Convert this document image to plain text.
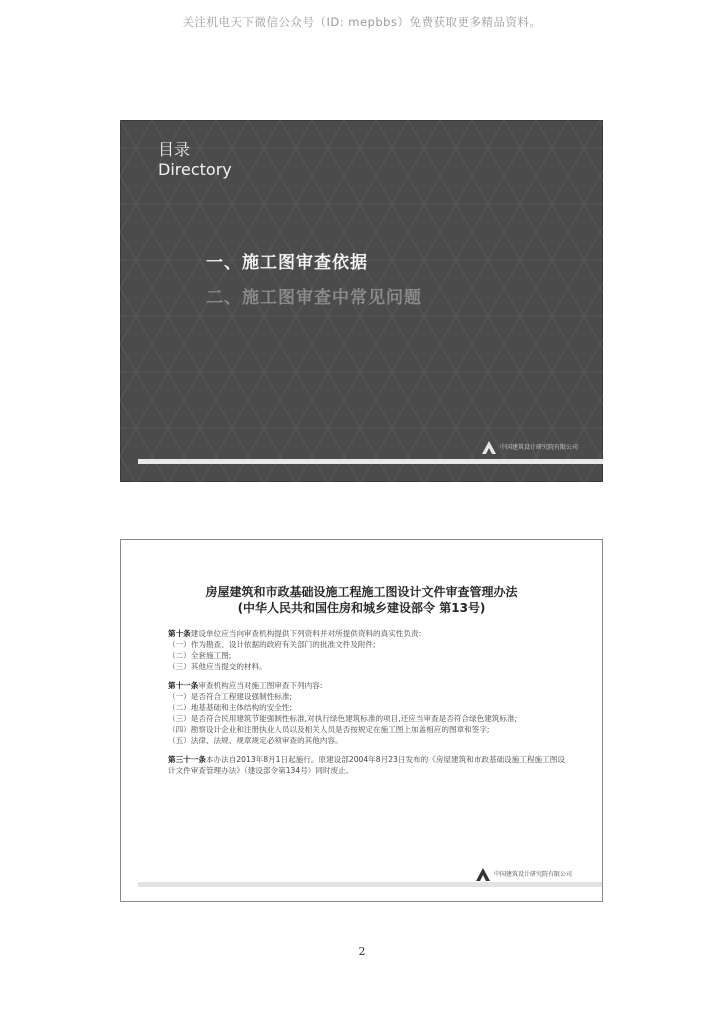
关注机电天下微信公众号（ID: mepbbs）免费获取更多精品资料。
目录
Directory
一、施工图审查依据
二、施工图审查中常见问题
中国建筑设计研究院有限公司
房屋建筑和市政基础设施工程施工图设计文件审查管理办法
(中华人民共和国住房和城乡建设部令 第13号)

第十条建设单位应当向审查机构提供下列资料并对所提供资料的真实性负责:

（一）作为勘查、设计依据的政府有关部门的批准文件及附件;

（二）全套施工图;

（三）其他应当提交的材料。

第十一条审查机构应当对施工图审查下列内容:

（一）是否符合工程建设强制性标准;

（二）地基基础和主体结构的安全性;

（三）是否符合民用建筑节能强制性标准,对执行绿色建筑标准的项目,还应当审查是否符合绿色建筑标准;

（四）勘察设计企业和注册执业人员以及相关人员是否按规定在施工图上加盖相应的图章和签字;

（五）法律、法规、规章规定必须审查的其他内容。

第三十一条本办法自2013年8月1日起施行。原建设部2004年8月23日发布的《房屋建筑和市政基础设施工程施工图设计文件审查管理办法》（建设部令第134号）同时废止。

中国建筑设计研究院有限公司
2
